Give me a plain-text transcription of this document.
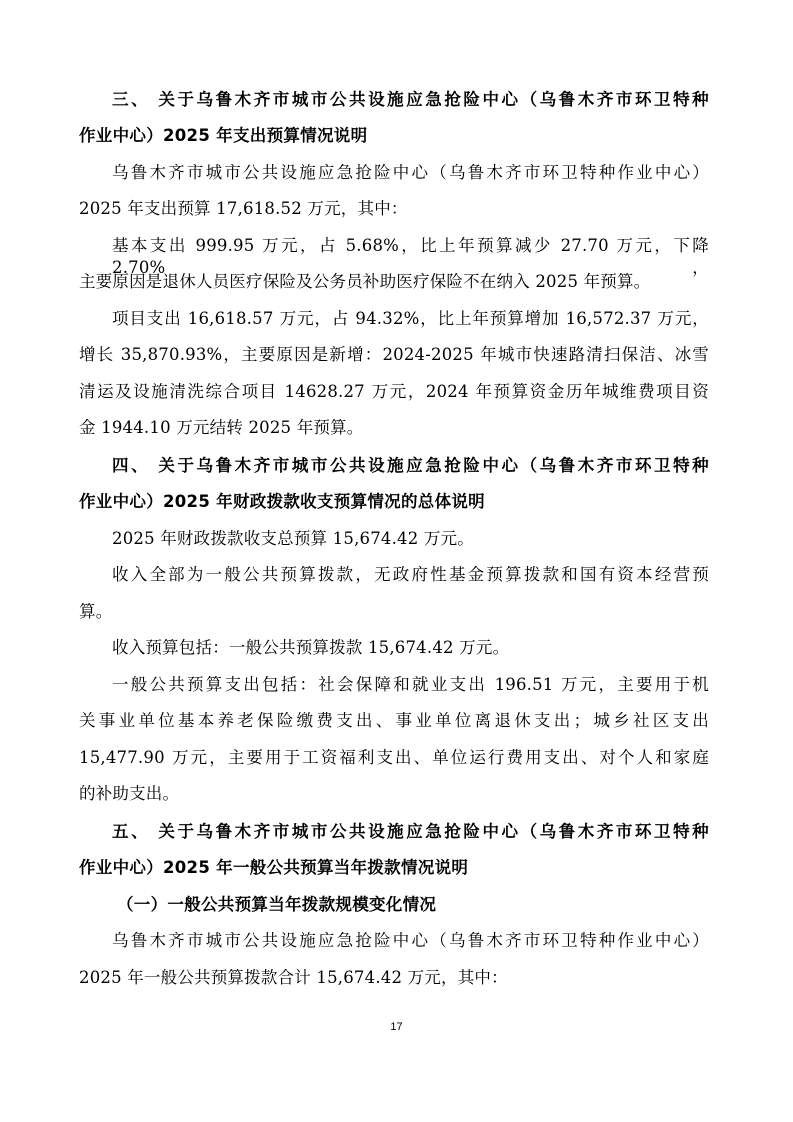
三、 关于乌鲁木齐市城市公共设施应急抢险中心（乌鲁木齐市环卫特种
作业中心）2025 年支出预算情况说明
乌鲁木齐市城市公共设施应急抢险中心（乌鲁木齐市环卫特种作业中心）
2025 年支出预算 17,618.52 万元，其中：
基本支出 999.95 万元，占 5.68%，比上年预算减少 27.70 万元，下降 2.70%，
主要原因是退休人员医疗保险及公务员补助医疗保险不在纳入 2025 年预算。
项目支出 16,618.57 万元，占 94.32%，比上年预算增加 16,572.37 万元，
增长 35,870.93%，主要原因是新增：2024-2025 年城市快速路清扫保洁、冰雪
清运及设施清洗综合项目 14628.27 万元，2024 年预算资金历年城维费项目资
金 1944.10 万元结转 2025 年预算。
四、 关于乌鲁木齐市城市公共设施应急抢险中心（乌鲁木齐市环卫特种
作业中心）2025 年财政拨款收支预算情况的总体说明
2025 年财政拨款收支总预算 15,674.42 万元。
收入全部为一般公共预算拨款，无政府性基金预算拨款和国有资本经营预
算。
收入预算包括：一般公共预算拨款 15,674.42 万元。
一般公共预算支出包括：社会保障和就业支出 196.51 万元，主要用于机
关事业单位基本养老保险缴费支出、事业单位离退休支出；城乡社区支出
15,477.90 万元，主要用于工资福利支出、单位运行费用支出、对个人和家庭
的补助支出。
五、 关于乌鲁木齐市城市公共设施应急抢险中心（乌鲁木齐市环卫特种
作业中心）2025 年一般公共预算当年拨款情况说明
（一）一般公共预算当年拨款规模变化情况
乌鲁木齐市城市公共设施应急抢险中心（乌鲁木齐市环卫特种作业中心）
2025 年一般公共预算拨款合计 15,674.42 万元，其中：
17
